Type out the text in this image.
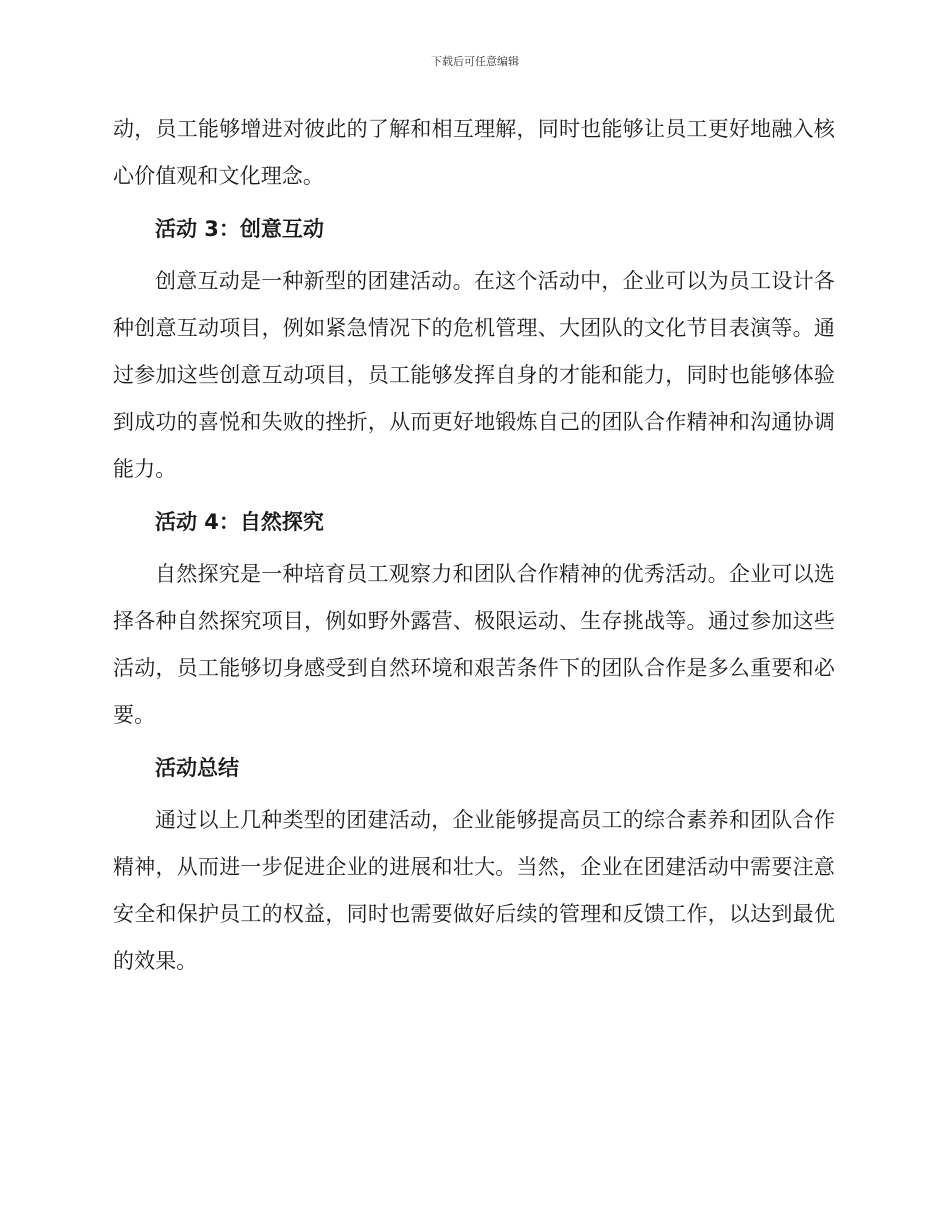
下载后可任意编辑

动，员工能够增进对彼此的了解和相互理解，同时也能够让员工更好地融入核心价值观和文化理念。

活动 3：创意互动

创意互动是一种新型的团建活动。在这个活动中，企业可以为员工设计各种创意互动项目，例如紧急情况下的危机管理、大团队的文化节目表演等。通过参加这些创意互动项目，员工能够发挥自身的才能和能力，同时也能够体验到成功的喜悦和失败的挫折，从而更好地锻炼自己的团队合作精神和沟通协调能力。

活动 4：自然探究

自然探究是一种培育员工观察力和团队合作精神的优秀活动。企业可以选择各种自然探究项目，例如野外露营、极限运动、生存挑战等。通过参加这些活动，员工能够切身感受到自然环境和艰苦条件下的团队合作是多么重要和必要。

活动总结

通过以上几种类型的团建活动，企业能够提高员工的综合素养和团队合作精神，从而进一步促进企业的进展和壮大。当然，企业在团建活动中需要注意安全和保护员工的权益，同时也需要做好后续的管理和反馈工作，以达到最优的效果。
